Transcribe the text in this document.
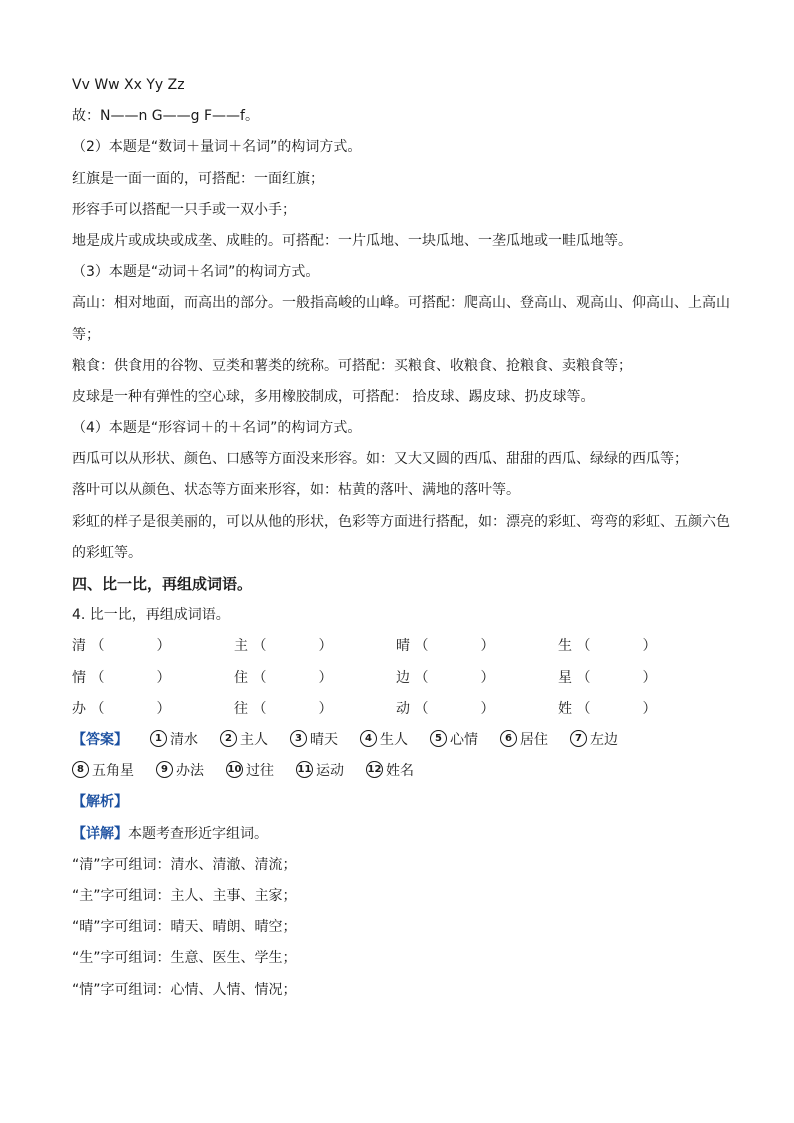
Vv Ww Xx Yy Zz
故：N——n G——g F——f。
（2）本题是“数词＋量词＋名词”的构词方式。
红旗是一面一面的，可搭配：一面红旗；
形容手可以搭配一只手或一双小手；
地是成片或成块或成垄、成畦的。可搭配：一片瓜地、一块瓜地、一垄瓜地或一畦瓜地等。
（3）本题是“动词＋名词”的构词方式。
高山：相对地面，而高出的部分。一般指高峻的山峰。可搭配：爬高山、登高山、观高山、仰高山、上高山等；
粮食：供食用的谷物、豆类和薯类的统称。可搭配：买粮食、收粮食、抢粮食、卖粮食等；
皮球是一种有弹性的空心球，多用橡胶制成，可搭配： 拾皮球、踢皮球、扔皮球等。
（4）本题是“形容词＋的＋名词”的构词方式。
西瓜可以从形状、颜色、口感等方面没来形容。如：又大又圆的西瓜、甜甜的西瓜、绿绿的西瓜等；
落叶可以从颜色、状态等方面来形容，如：枯黄的落叶、满地的落叶等。
彩虹的样子是很美丽的，可以从他的形状，色彩等方面进行搭配，如：漂亮的彩虹、弯弯的彩虹、五颜六色的彩虹等。
四、比一比，再组成词语。
4. 比一比，再组成词语。
清 （	）	主 （	）	晴 （	）	生 （	）
情 （	）	住 （	）	边 （	）	星 （	）
办 （	）	往 （	）	动 （	）	姓 （	）
【答案】	1 清水	2 主人	3 晴天	4 生人	5 心情	6 居住	7 左边
8 五角星	9 办法 10 过往 11 运动 12 姓名
【解析】
【详解】本题考查形近字组词。
“清”字可组词：清水、清澈、清流；
“主”字可组词：主人、主事、主家；
“晴”字可组词：晴天、晴朗、晴空；
“生”字可组词：生意、医生、学生；
“情”字可组词：心情、人情、情况；
